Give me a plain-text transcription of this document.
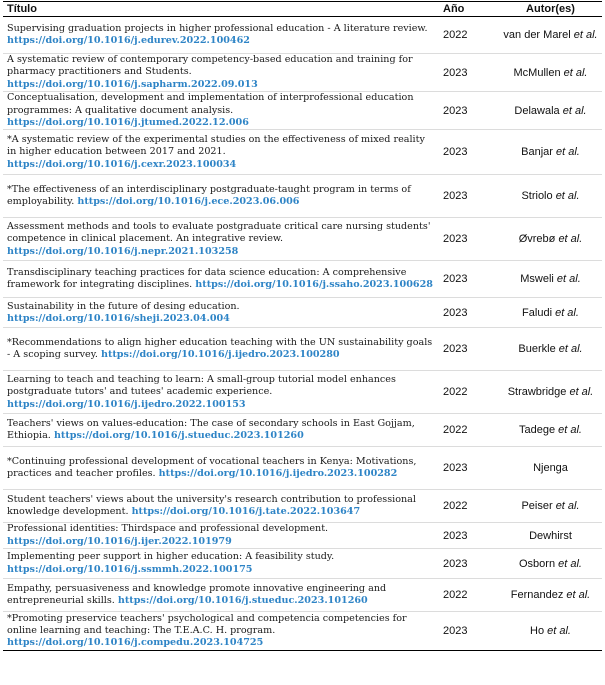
Título	Año	Autor(es)
Supervising graduation projects in higher professional education - A literature review. https://doi.org/10.1016/j.edurev.2022.100462	2022	van der Marel et al.
A systematic review of contemporary competency-based education and training for pharmacy practitioners and Students. https://doi.org/10.1016/j.sapharm.2022.09.013	2023	McMullen et al.
Conceptualisation, development and implementation of interprofessional education programmes: A qualitative document analysis. https://doi.org/10.1016/j.jtumed.2022.12.006	2023	Delawala et al.
*A systematic review of the experimental studies on the effectiveness of mixed reality in higher education between 2017 and 2021. https://doi.org/10.1016/j.cexr.2023.100034	2023	Banjar et al.
*The effectiveness of an interdisciplinary postgraduate-taught program in terms of employability. https://doi.org/10.1016/j.ece.2023.06.006	2023	Striolo et al.
Assessment methods and tools to evaluate postgraduate critical care nursing students' competence in clinical placement. An integrative review. https://doi.org/10.1016/j.nepr.2021.103258	2023	Øvrebø et al.
Transdisciplinary teaching practices for data science education: A comprehensive framework for integrating disciplines. https://doi.org/10.1016/j.ssaho.2023.100628	2023	Msweli et al.
Sustainability in the future of desing education. https://doi.org/10.1016/sheji.2023.04.004	2023	Faludi et al.
*Recommendations to align higher education teaching with the UN sustainability goals - A scoping survey. https://doi.org/10.1016/j.ijedro.2023.100280	2023	Buerkle et al.
Learning to teach and teaching to learn: A small-group tutorial model enhances postgraduate tutors' and tutees' academic experience. https://doi.org/10.1016/j.ijedro.2022.100153	2022	Strawbridge et al.
Teachers' views on values-education: The case of secondary schools in East Gojjam, Ethiopia. https://doi.org/10.1016/j.stueduc.2023.101260	2022	Tadege et al.
*Continuing professional development of vocational teachers in Kenya: Motivations, practices and teacher profiles. https://doi.org/10.1016/j.ijedro.2023.100282	2023	Njenga
Student teachers' views about the university's research contribution to professional knowledge development. https://doi.org/10.1016/j.tate.2022.103647	2022	Peiser et al.
Professional identities: Thirdspace and professional development. https://doi.org/10.1016/j.ijer.2022.101979	2023	Dewhirst
Implementing peer support in higher education: A feasibility study. https://doi.org/10.1016/j.ssmmh.2022.100175	2023	Osborn et al.
Empathy, persuasiveness and knowledge promote innovative engineering and entrepreneurial skills. https://doi.org/10.1016/j.stueduc.2023.101260	2022	Fernandez et al.
*Promoting preservice teachers' psychological and competencia competencies for online learning and teaching: The T.E.A.C. H. program. https://doi.org/10.1016/j.compedu.2023.104725	2023	Ho et al.
